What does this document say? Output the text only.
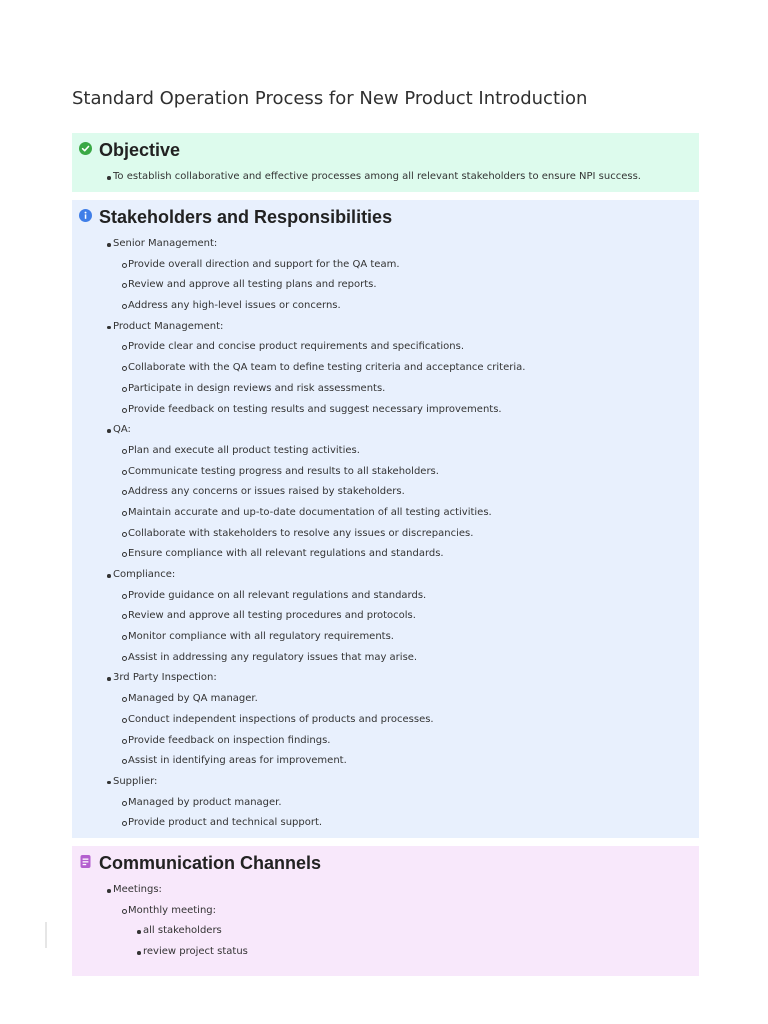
Standard Operation Process for New Product Introduction
Objective
To establish collaborative and effective processes among all relevant stakeholders to ensure NPI success.
Stakeholders and Responsibilities
Senior Management:
Provide overall direction and support for the QA team.
Review and approve all testing plans and reports.
Address any high-level issues or concerns.
Product Management:
Provide clear and concise product requirements and specifications.
Collaborate with the QA team to define testing criteria and acceptance criteria.
Participate in design reviews and risk assessments.
Provide feedback on testing results and suggest necessary improvements.
QA:
Plan and execute all product testing activities.
Communicate testing progress and results to all stakeholders.
Address any concerns or issues raised by stakeholders.
Maintain accurate and up-to-date documentation of all testing activities.
Collaborate with stakeholders to resolve any issues or discrepancies.
Ensure compliance with all relevant regulations and standards.
Compliance:
Provide guidance on all relevant regulations and standards.
Review and approve all testing procedures and protocols.
Monitor compliance with all regulatory requirements.
Assist in addressing any regulatory issues that may arise.
3rd Party Inspection:
Managed by QA manager.
Conduct independent inspections of products and processes.
Provide feedback on inspection findings.
Assist in identifying areas for improvement.
Supplier:
Managed by product manager.
Provide product and technical support.
Communication Channels
Meetings:
Monthly meeting:
all stakeholders
review project status
